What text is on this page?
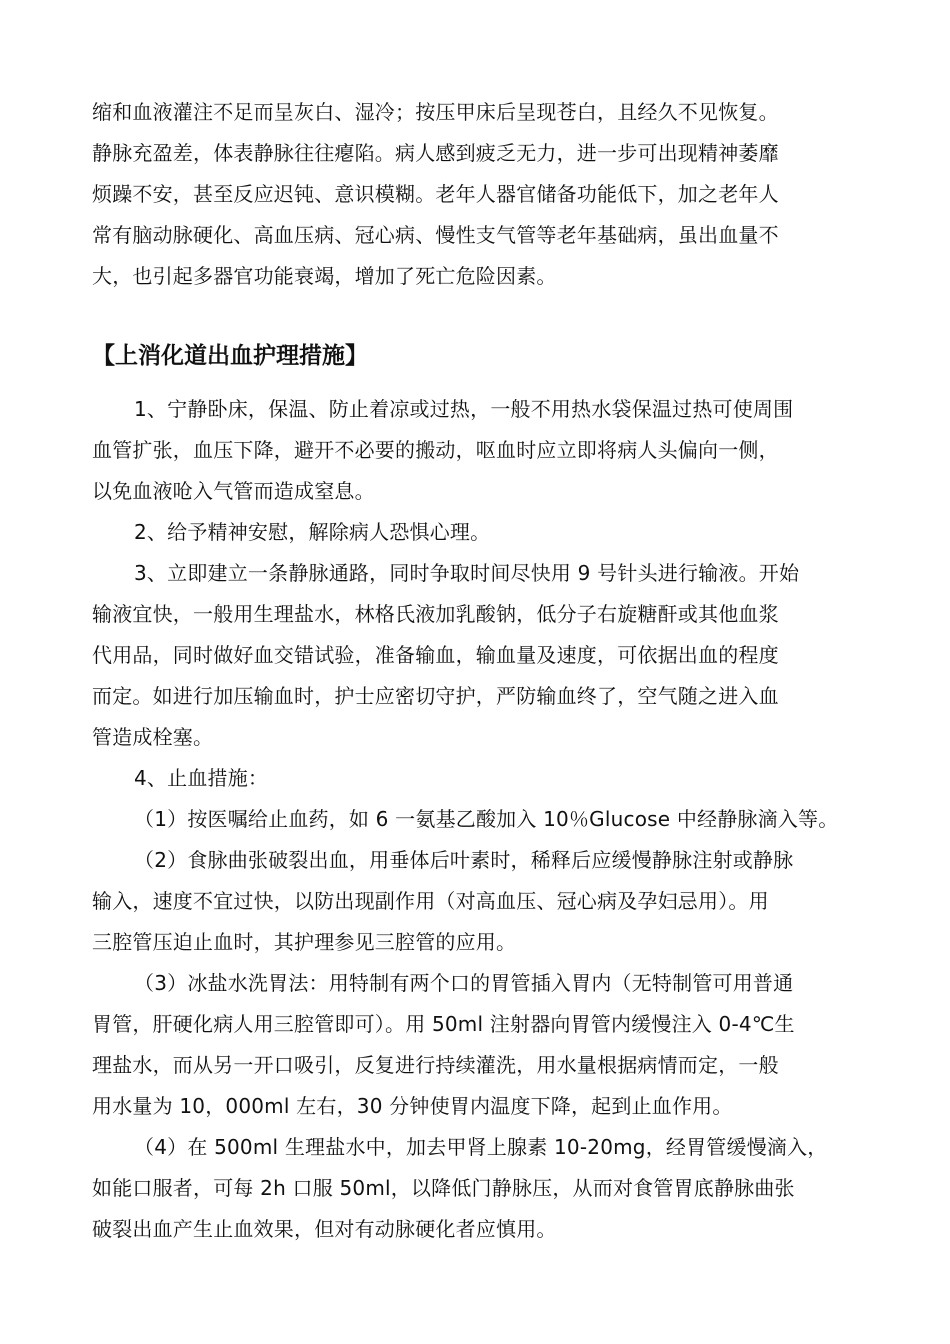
缩和血液灌注不足而呈灰白、湿冷；按压甲床后呈现苍白，且经久不见恢复。
静脉充盈差，体表静脉往往瘪陷。病人感到疲乏无力，进一步可出现精神萎靡
烦躁不安，甚至反应迟钝、意识模糊。老年人器官储备功能低下，加之老年人
常有脑动脉硬化、高血压病、冠心病、慢性支气管等老年基础病，虽出血量不
大，也引起多器官功能衰竭，增加了死亡危险因素。
【上消化道出血护理措施】
1、宁静卧床，保温、防止着凉或过热，一般不用热水袋保温过热可使周围
血管扩张，血压下降，避开不必要的搬动，呕血时应立即将病人头偏向一侧，
以免血液呛入气管而造成窒息。
2、给予精神安慰，解除病人恐惧心理。
3、立即建立一条静脉通路，同时争取时间尽快用 9 号针头进行输液。开始
输液宜快，一般用生理盐水，林格氏液加乳酸钠，低分子右旋糖酐或其他血浆
代用品，同时做好血交错试验，准备输血，输血量及速度，可依据出血的程度
而定。如进行加压输血时，护士应密切守护，严防输血终了，空气随之进入血
管造成栓塞。
4、止血措施：
（1）按医嘱给止血药，如 6 一氨基乙酸加入 10％Glucose 中经静脉滴入等。
（2）食脉曲张破裂出血，用垂体后叶素时，稀释后应缓慢静脉注射或静脉
输入，速度不宜过快，以防出现副作用（对高血压、冠心病及孕妇忌用）。用
三腔管压迫止血时，其护理参见三腔管的应用。
（3）冰盐水洗胃法：用特制有两个口的胃管插入胃内（无特制管可用普通
胃管，肝硬化病人用三腔管即可）。用 50ml 注射器向胃管内缓慢注入 0-4℃生
理盐水，而从另一开口吸引，反复进行持续灌洗，用水量根据病情而定，一般
用水量为 10，000ml 左右，30 分钟使胃内温度下降，起到止血作用。
（4）在 500ml 生理盐水中，加去甲肾上腺素 10-20mg，经胃管缓慢滴入，
如能口服者，可每 2h 口服 50ml，以降低门静脉压，从而对食管胃底静脉曲张
破裂出血产生止血效果，但对有动脉硬化者应慎用。
